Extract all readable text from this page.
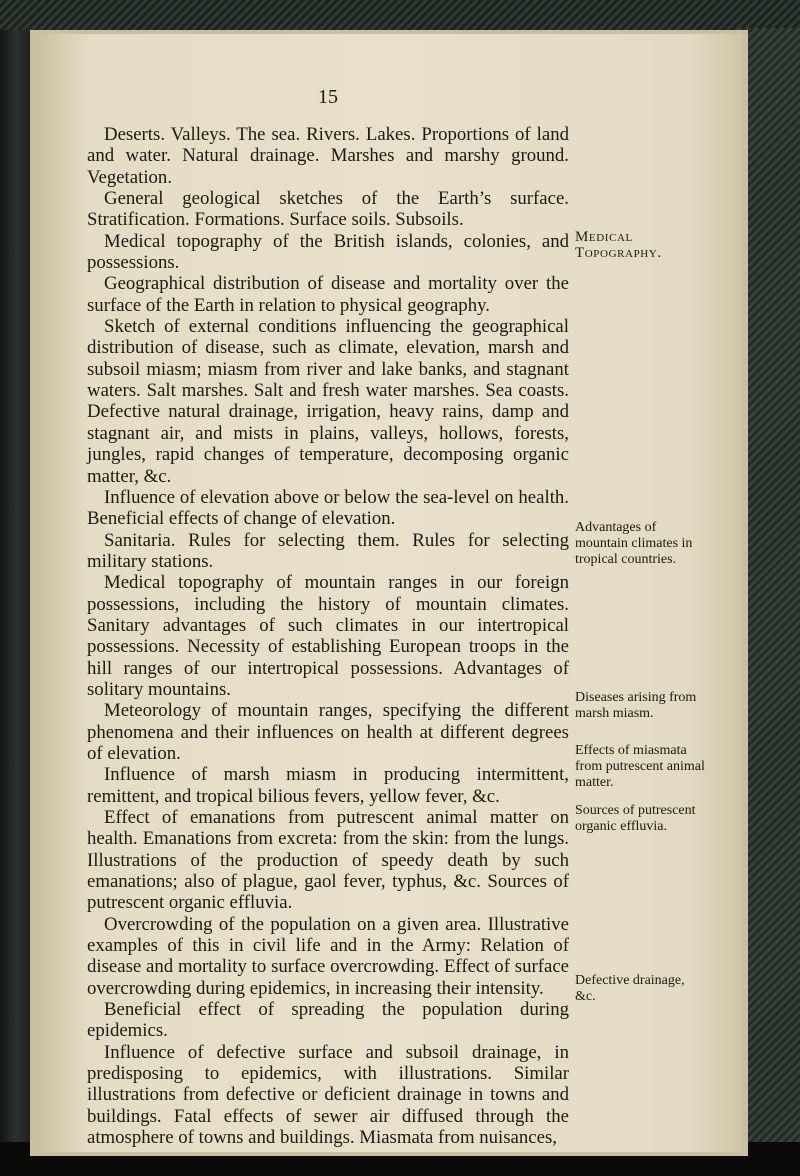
15
Deserts. Valleys. The sea. Rivers. Lakes. Proportions of land and water. Natural drainage. Marshes and marshy ground. Vegetation.
General geological sketches of the Earth’s surface. Stratification. Formations. Surface soils. Subsoils.
Medical topography of the British islands, colonies, and possessions.
Geographical distribution of disease and mortality over the surface of the Earth in relation to physical geography.
Sketch of external conditions influencing the geographical distribution of disease, such as climate, elevation, marsh and subsoil miasm; miasm from river and lake banks, and stagnant waters. Salt marshes. Salt and fresh water marshes. Sea coasts. Defective natural drainage, irrigation, heavy rains, damp and stagnant air, and mists in plains, valleys, hollows, forests, jungles, rapid changes of temperature, decomposing organic matter, &c.
Influence of elevation above or below the sea-level on health. Beneficial effects of change of elevation.
Sanitaria. Rules for selecting them. Rules for selecting military stations.
Medical topography of mountain ranges in our foreign possessions, including the history of mountain climates. Sanitary advantages of such climates in our intertropical possessions. Necessity of establishing European troops in the hill ranges of our intertropical possessions. Advantages of solitary mountains.
Meteorology of mountain ranges, specifying the different phenomena and their influences on health at different degrees of elevation.
Influence of marsh miasm in producing intermittent, remittent, and tropical bilious fevers, yellow fever, &c.
Effect of emanations from putrescent animal matter on health. Emanations from excreta: from the skin: from the lungs. Illustrations of the production of speedy death by such emanations; also of plague, gaol fever, typhus, &c. Sources of putrescent organic effluvia.
Overcrowding of the population on a given area. Illustrative examples of this in civil life and in the Army: Relation of disease and mortality to surface overcrowding. Effect of surface overcrowding during epidemics, in increasing their intensity.
Beneficial effect of spreading the population during epidemics.
Influence of defective surface and subsoil drainage, in predisposing to epidemics, with illustrations. Similar illustrations from defective or deficient drainage in towns and buildings. Fatal effects of sewer air diffused through the atmosphere of towns and buildings. Miasmata from nuisances,
Medical Topography.
Advantages of mountain climates in tropical countries.
Diseases arising from marsh miasm.
Effects of miasmata from putrescent animal matter.
Sources of putrescent organic effluvia.
Defective drainage, &c.
